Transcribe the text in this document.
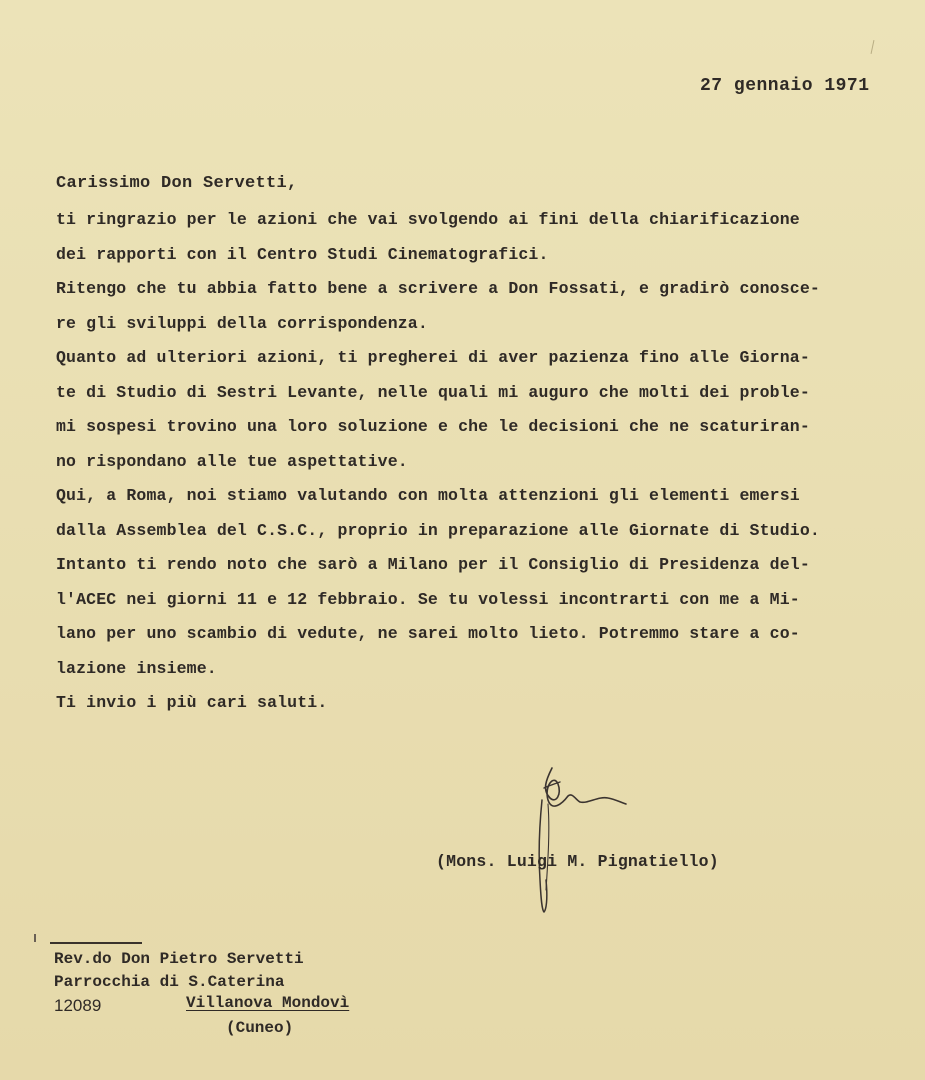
27 gennaio 1971
Carissimo Don Servetti,
ti ringrazio per le azioni che vai svolgendo ai fini della chiarificazione
dei rapporti con il Centro Studi Cinematografici.
Ritengo che tu abbia fatto bene a scrivere a Don Fossati, e gradirò conosce-
re gli sviluppi della corrispondenza.
Quanto ad ulteriori azioni, ti pregherei di aver pazienza fino alle Giorna-
te di Studio di Sestri Levante, nelle quali mi auguro che molti dei proble-
mi sospesi trovino una loro soluzione e che le decisioni che ne scaturiran-
no rispondano alle tue aspettative.
Qui, a Roma, noi stiamo valutando con molta attenzioni gli elementi emersi
dalla Assemblea del C.S.C., proprio in preparazione alle Giornate di Studio.
Intanto ti rendo noto che sarò a Milano per il Consiglio di Presidenza del-
l'ACEC nei giorni 11 e 12 febbraio. Se tu volessi incontrarti con me a Mi-
lano per uno scambio di vedute, ne sarei molto lieto. Potremmo stare a co-
lazione insieme.
Ti invio i più cari saluti.
(Mons. Luigi M. Pignatiello)
Rev.do Don Pietro Servetti
Parrocchia di S.Caterina
12089	Villanova Mondovì
(Cuneo)
